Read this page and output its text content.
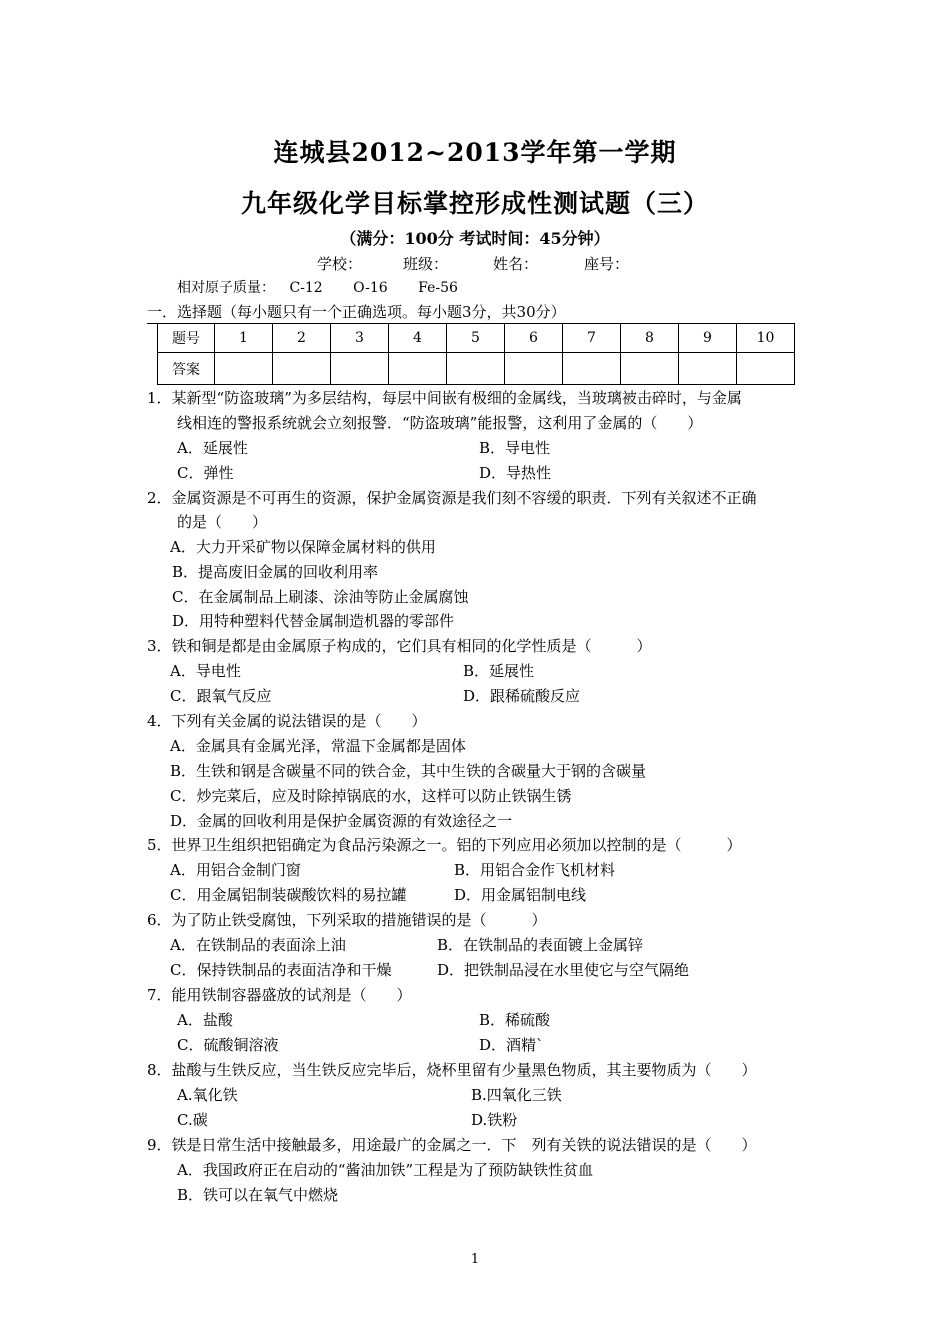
连城县2012~2013学年第一学期
九年级化学目标掌控形成性测试题（三）
（满分：100分 考试时间：45分钟）
学校：	班级：	姓名：	座号：
相对原子质量： C-12 O-16 Fe-56
一．选择题（每小题只有一个正确选项。每小题3分，共30分）
题号	1	2	3	4	5	6	7	8	9	10
答案										
1．某新型“防盗玻璃”为多层结构，每层中间嵌有极细的金属线，当玻璃被击碎时，与金属
线相连的警报系统就会立刻报警．“防盗玻璃”能报警，这利用了金属的（　　）
A．延展性	B．导电性
C．弹性	D．导热性
2．金属资源是不可再生的资源，保护金属资源是我们刻不容缓的职责．下列有关叙述不正确
的是（　　）
A．大力开采矿物以保障金属材料的供用
B．提高废旧金属的回收利用率
C．在金属制品上刷漆、涂油等防止金属腐蚀
D．用特种塑料代替金属制造机器的零部件
3．铁和铜是都是由金属原子构成的，它们具有相同的化学性质是（　　　）
A．导电性	B．延展性
C．跟氧气反应	D．跟稀硫酸反应
4．下列有关金属的说法错误的是（　　）
A．金属具有金属光泽，常温下金属都是固体
B．生铁和钢是含碳量不同的铁合金，其中生铁的含碳量大于钢的含碳量
C．炒完菜后，应及时除掉锅底的水，这样可以防止铁锅生锈
D．金属的回收利用是保护金属资源的有效途径之一
5．世界卫生组织把铝确定为食品污染源之一。铝的下列应用必须加以控制的是（　　　）
A．用铝合金制门窗	B．用铝合金作飞机材料
C．用金属铝制装碳酸饮料的易拉罐	D．用金属铝制电线
6．为了防止铁受腐蚀，下列采取的措施错误的是（　　　）
A．在铁制品的表面涂上油	B．在铁制品的表面镀上金属锌
C．保持铁制品的表面洁净和干燥	D．把铁制品浸在水里使它与空气隔绝
7．能用铁制容器盛放的试剂是（　　）
A．盐酸	B．稀硫酸
C．硫酸铜溶液	D．酒精`
8．盐酸与生铁反应，当生铁反应完毕后，烧杯里留有少量黑色物质，其主要物质为（　　）
A.氧化铁	B.四氧化三铁
C.碳	D.铁粉
9．铁是日常生活中接触最多，用途最广的金属之一．下　列有关铁的说法错误的是（　　）
A．我国政府正在启动的“酱油加铁”工程是为了预防缺铁性贫血
B．铁可以在氧气中燃烧
1
